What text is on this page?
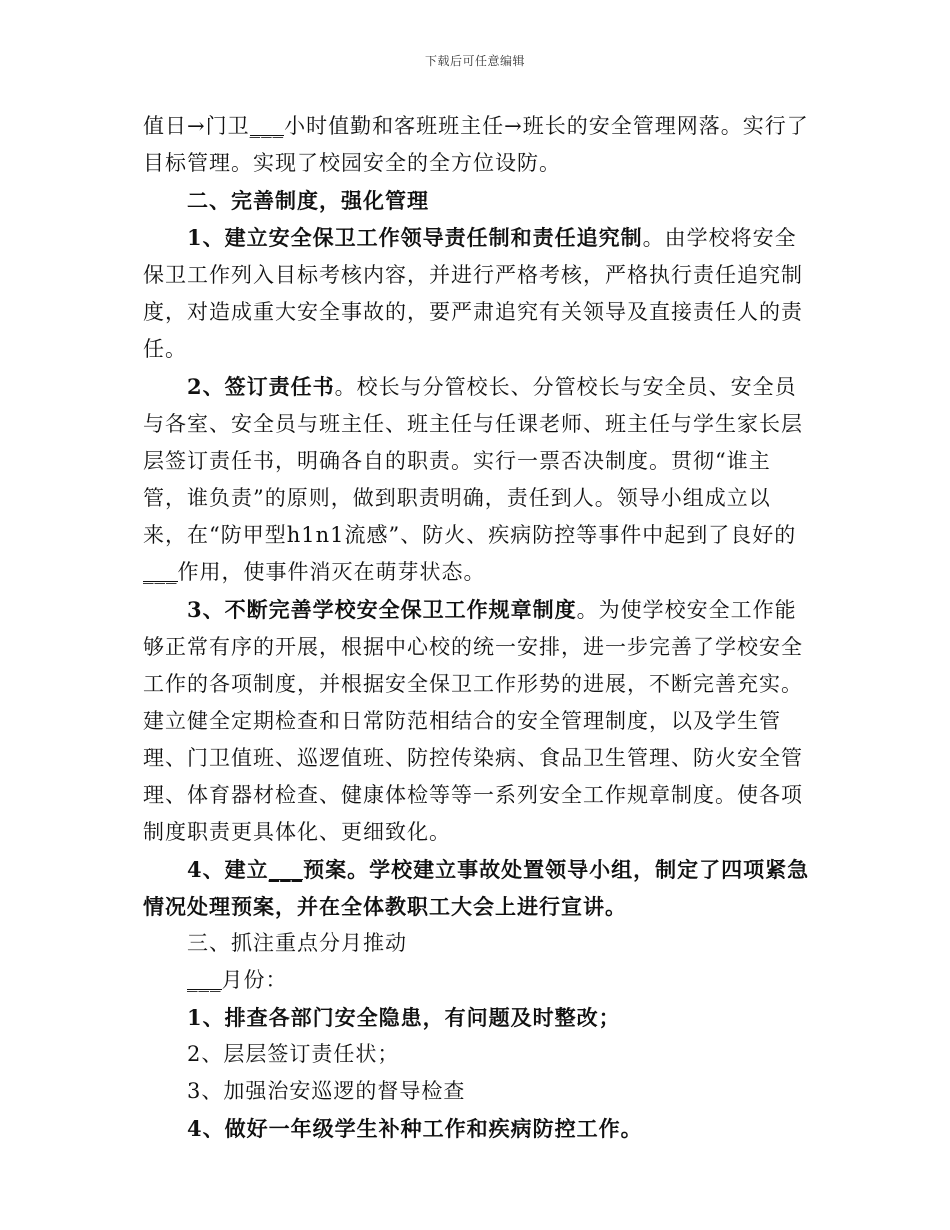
下载后可任意编辑

值日→门卫___小时值勤和客班班主任→班长的安全管理网落。实行了目标管理。实现了校园安全的全方位设防。

二、完善制度，强化管理

1、建立安全保卫工作领导责任制和责任追究制。由学校将安全保卫工作列入目标考核内容，并进行严格考核，严格执行责任追究制度，对造成重大安全事故的，要严肃追究有关领导及直接责任人的责任。

2、签订责任书。校长与分管校长、分管校长与安全员、安全员与各室、安全员与班主任、班主任与任课老师、班主任与学生家长层层签订责任书，明确各自的职责。实行一票否决制度。贯彻“谁主管，谁负责”的原则，做到职责明确，责任到人。领导小组成立以来，在“防甲型h1n1流感”、防火、疾病防控等事件中起到了良好的___作用，使事件消灭在萌芽状态。

3、不断完善学校安全保卫工作规章制度。为使学校安全工作能够正常有序的开展，根据中心校的统一安排，进一步完善了学校安全工作的各项制度，并根据安全保卫工作形势的进展，不断完善充实。建立健全定期检查和日常防范相结合的安全管理制度，以及学生管理、门卫值班、巡逻值班、防控传染病、食品卫生管理、防火安全管理、体育器材检查、健康体检等等一系列安全工作规章制度。使各项制度职责更具体化、更细致化。

4、建立___预案。学校建立事故处置领导小组，制定了四项紧急情况处理预案，并在全体教职工大会上进行宣讲。

三、抓注重点分月推动

___月份：

1、排查各部门安全隐患，有问题及时整改；

2、层层签订责任状；

3、加强治安巡逻的督导检查

4、做好一年级学生补种工作和疾病防控工作。
